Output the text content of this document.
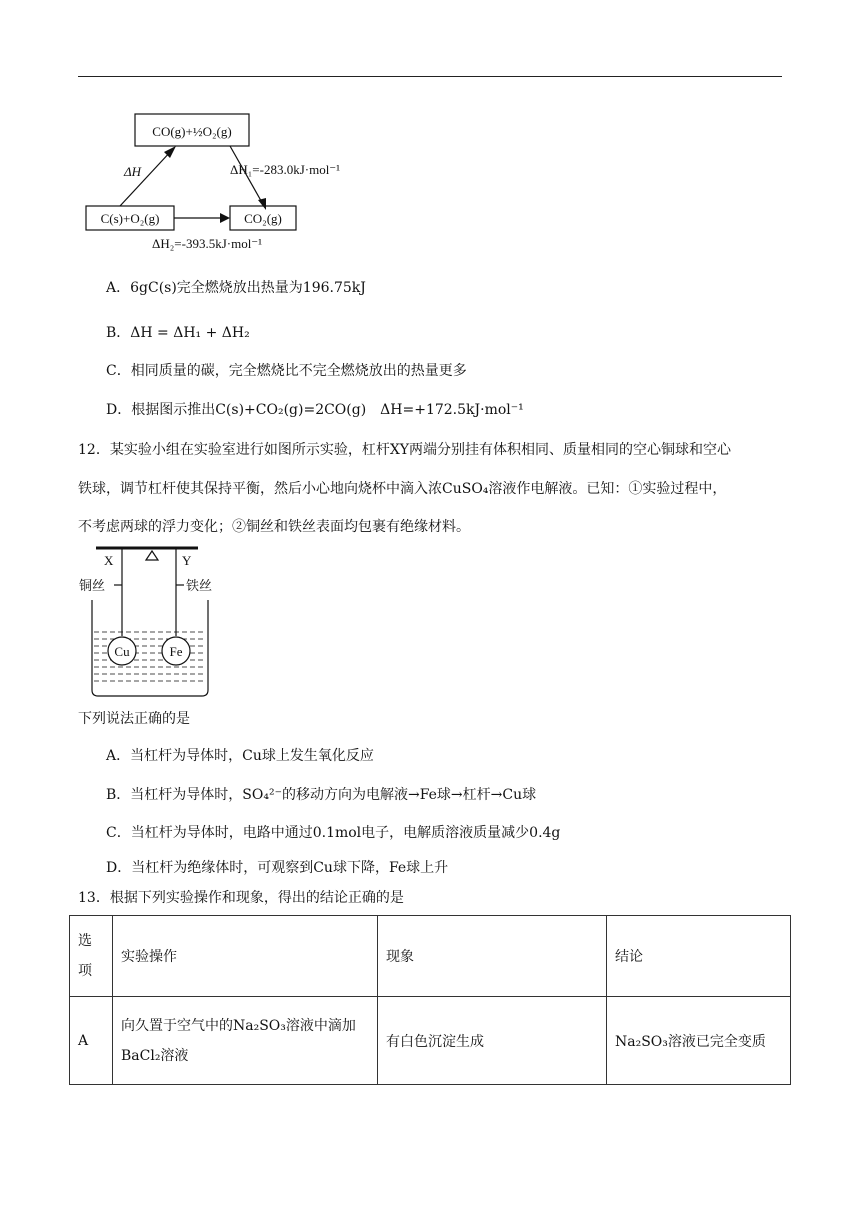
CO(g)+½O₂(g)
C(s)+O₂(g)	CO₂(g)
ΔH	ΔH₁=-283.0kJ·mol⁻¹
ΔH₂=-393.5kJ·mol⁻¹
A．6gC(s)完全燃烧放出热量为196.75kJ
B．ΔH = ΔH₁ + ΔH₂
C．相同质量的碳，完全燃烧比不完全燃烧放出的热量更多
D．根据图示推出C(s)+CO₂(g)=2CO(g)　ΔH=+172.5kJ·mol⁻¹
12．某实验小组在实验室进行如图所示实验，杠杆XY两端分别挂有体积相同、质量相同的空心铜球和空心
铁球，调节杠杆使其保持平衡，然后小心地向烧杯中滴入浓CuSO₄溶液作电解液。已知：①实验过程中，
不考虑两球的浮力变化；②铜丝和铁丝表面均包裹有绝缘材料。
X	Y
铜丝	铁丝
Cu	Fe
下列说法正确的是
A．当杠杆为导体时，Cu球上发生氧化反应
B．当杠杆为导体时，SO₄²⁻的移动方向为电解液→Fe球→杠杆→Cu球
C．当杠杆为导体时，电路中通过0.1mol电子，电解质溶液质量减少0.4g
D．当杠杆为绝缘体时，可观察到Cu球下降，Fe球上升
13．根据下列实验操作和现象，得出的结论正确的是
选项	实验操作	现象	结论
A	向久置于空气中的Na₂SO₃溶液中滴加
BaCl₂溶液	有白色沉淀生成	Na₂SO₃溶液已完全变质
